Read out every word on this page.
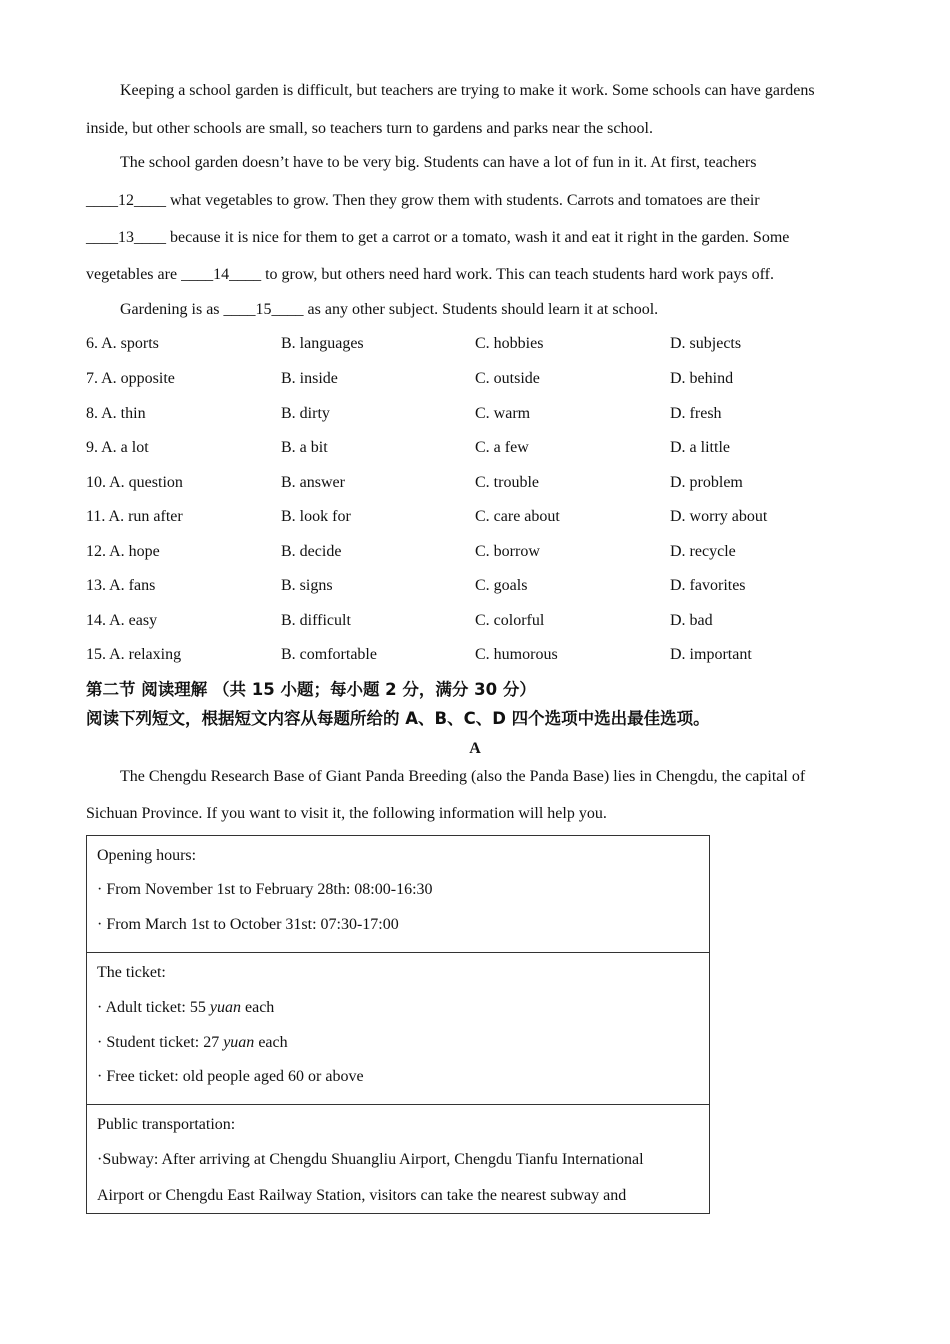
Keeping a school garden is difficult, but teachers are trying to make it work. Some schools can have gardens
inside, but other schools are small, so teachers turn to gardens and parks near the school.
The school garden doesn’t have to be very big. Students can have a lot of fun in it. At first, teachers
____12____ what vegetables to grow. Then they grow them with students. Carrots and tomatoes are their
____13____ because it is nice for them to get a carrot or a tomato, wash it and eat it right in the garden. Some
vegetables are ____14____ to grow, but others need hard work. This can teach students hard work pays off.
Gardening is as ____15____ as any other subject. Students should learn it at school.
6. A. sports	B. languages	C. hobbies	D. subjects
7. A. opposite	B. inside	C. outside	D. behind
8. A. thin	B. dirty	C. warm	D. fresh
9. A. a lot	B. a bit	C. a few	D. a little
10. A. question	B. answer	C. trouble	D. problem
11. A. run after	B. look for	C. care about	D. worry about
12. A. hope	B. decide	C. borrow	D. recycle
13. A. fans	B. signs	C. goals	D. favorites
14. A. easy	B. difficult	C. colorful	D. bad
15. A. relaxing	B. comfortable	C. humorous	D. important
第二节 阅读理解 （共 15 小题；每小题 2 分，满分 30 分）
阅读下列短文，根据短文内容从每题所给的 A、B、C、D 四个选项中选出最佳选项。
A
The Chengdu Research Base of Giant Panda Breeding (also the Panda Base) lies in Chengdu, the capital of
Sichuan Province. If you want to visit it, the following information will help you.
Opening hours:
· From November 1st to February 28th: 08:00-16:30
· From March 1st to October 31st: 07:30-17:00

The ticket:
· Adult ticket: 55 yuan each
· Student ticket: 27 yuan each
· Free ticket: old people aged 60 or above

Public transportation:
·Subway: After arriving at Chengdu Shuangliu Airport, Chengdu Tianfu International
Airport or Chengdu East Railway Station, visitors can take the nearest subway and
